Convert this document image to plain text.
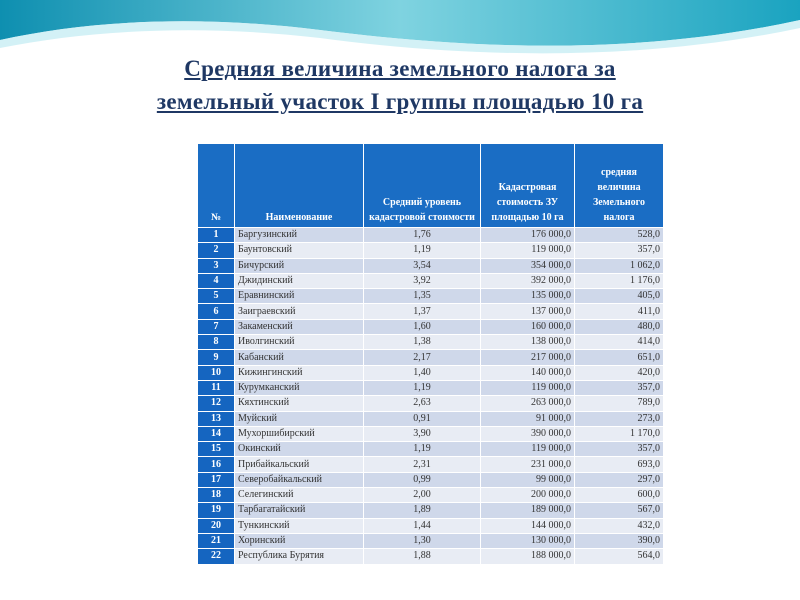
Средняя величина земельного налога за
земельный участок I группы площадью 10 га
№	Наименование	Средний уровень кадастровой стоимости	Кадастровая стоимость ЗУ площадью 10 га	средняя величина Земельного налога
1	Баргузинский	1,76	176 000,0	528,0
2	Баунтовский	1,19	119 000,0	357,0
3	Бичурский	3,54	354 000,0	1 062,0
4	Джидинский	3,92	392 000,0	1 176,0
5	Еравнинский	1,35	135 000,0	405,0
6	Заиграевский	1,37	137 000,0	411,0
7	Закаменский	1,60	160 000,0	480,0
8	Иволгинский	1,38	138 000,0	414,0
9	Кабанский	2,17	217 000,0	651,0
10	Кижингинский	1,40	140 000,0	420,0
11	Курумканский	1,19	119 000,0	357,0
12	Кяхтинский	2,63	263 000,0	789,0
13	Муйский	0,91	91 000,0	273,0
14	Мухоршибирский	3,90	390 000,0	1 170,0
15	Окинский	1,19	119 000,0	357,0
16	Прибайкальский	2,31	231 000,0	693,0
17	Северобайкальский	0,99	99 000,0	297,0
18	Селегинский	2,00	200 000,0	600,0
19	Тарбагатайский	1,89	189 000,0	567,0
20	Тункинский	1,44	144 000,0	432,0
21	Хоринский	1,30	130 000,0	390,0
22	Республика Бурятия	1,88	188 000,0	564,0
